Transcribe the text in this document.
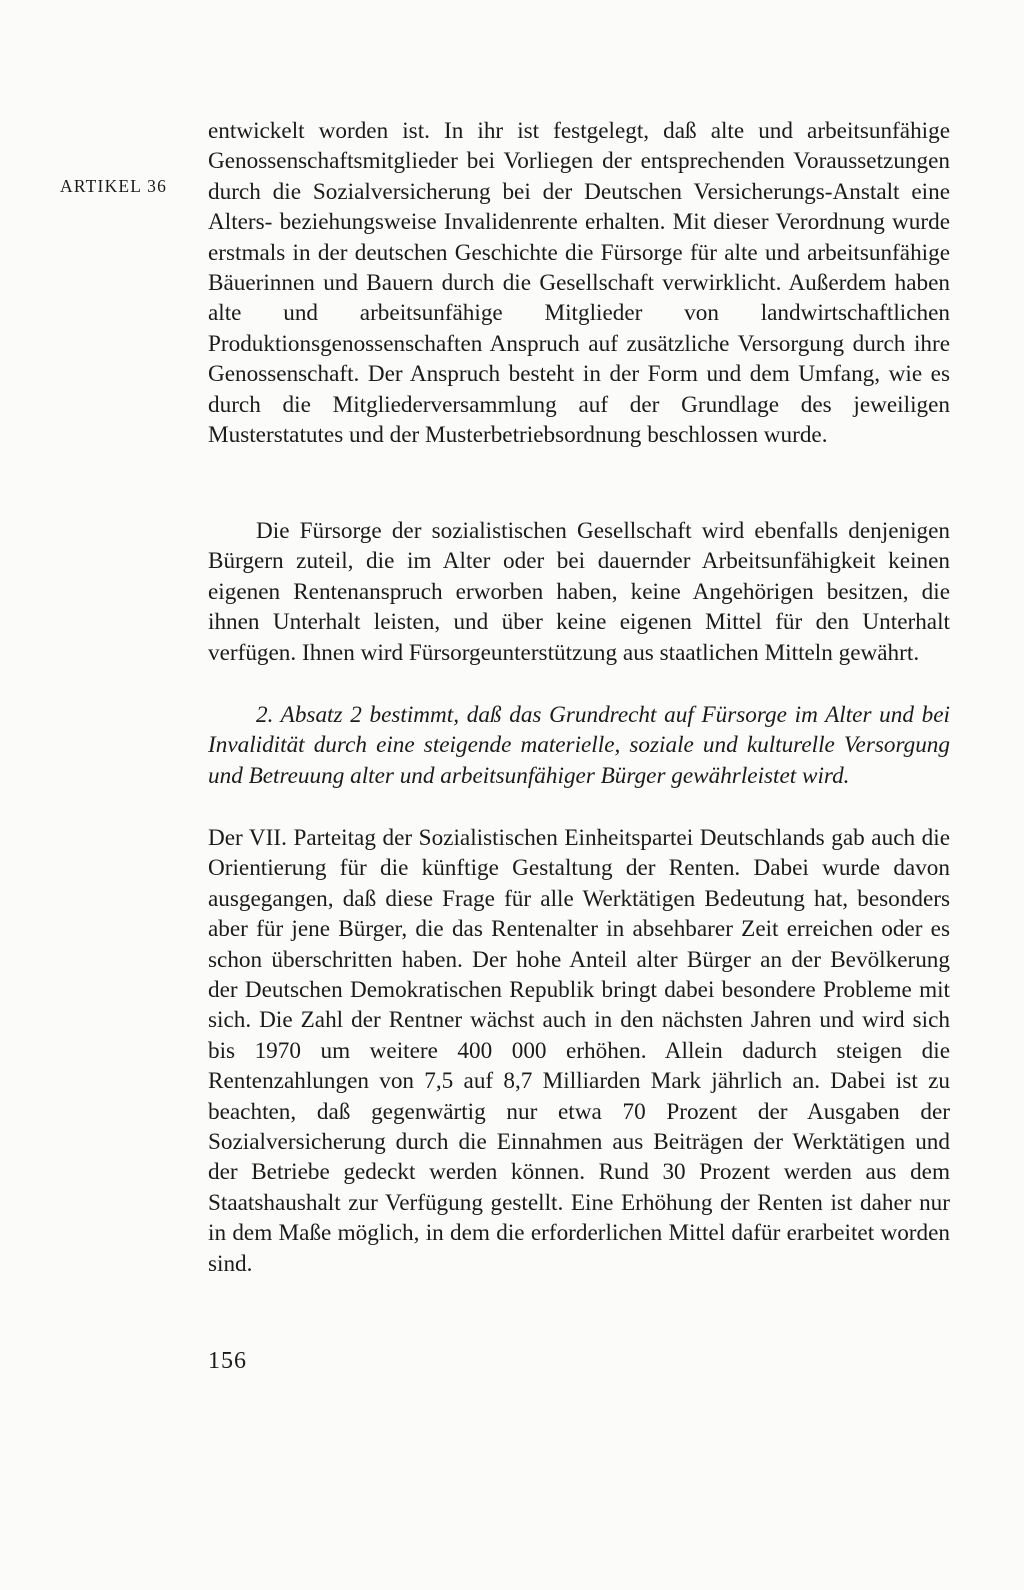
ARTIKEL 36

entwickelt worden ist. In ihr ist festgelegt, daß alte und arbeitsunfähige Genossenschaftsmitglieder bei Vorliegen der entsprechenden Voraussetzungen durch die Sozialversicherung bei der Deutschen Versicherungs-Anstalt eine Alters- beziehungsweise Invalidenrente erhalten. Mit dieser Verordnung wurde erstmals in der deutschen Geschichte die Fürsorge für alte und arbeitsunfähige Bäuerinnen und Bauern durch die Gesellschaft verwirklicht. Außerdem haben alte und arbeitsunfähige Mitglieder von landwirtschaftlichen Produktionsgenossenschaften Anspruch auf zusätzliche Versorgung durch ihre Genossenschaft. Der Anspruch besteht in der Form und dem Umfang, wie es durch die Mitgliederversammlung auf der Grundlage des jeweiligen Musterstatutes und der Musterbetriebsordnung beschlossen wurde.

Die Fürsorge der sozialistischen Gesellschaft wird ebenfalls denjenigen Bürgern zuteil, die im Alter oder bei dauernder Arbeitsunfähigkeit keinen eigenen Rentenanspruch erworben haben, keine Angehörigen besitzen, die ihnen Unterhalt leisten, und über keine eigenen Mittel für den Unterhalt verfügen. Ihnen wird Fürsorgeunterstützung aus staatlichen Mitteln gewährt.

2. Absatz 2 bestimmt, daß das Grundrecht auf Fürsorge im Alter und bei Invalidität durch eine steigende materielle, soziale und kulturelle Versorgung und Betreuung alter und arbeitsunfähiger Bürger gewährleistet wird.

Der VII. Parteitag der Sozialistischen Einheitspartei Deutschlands gab auch die Orientierung für die künftige Gestaltung der Renten. Dabei wurde davon ausgegangen, daß diese Frage für alle Werktätigen Bedeutung hat, besonders aber für jene Bürger, die das Rentenalter in absehbarer Zeit erreichen oder es schon überschritten haben. Der hohe Anteil alter Bürger an der Bevölkerung der Deutschen Demokratischen Republik bringt dabei besondere Probleme mit sich. Die Zahl der Rentner wächst auch in den nächsten Jahren und wird sich bis 1970 um weitere 400 000 erhöhen. Allein dadurch steigen die Rentenzahlungen von 7,5 auf 8,7 Milliarden Mark jährlich an. Dabei ist zu beachten, daß gegenwärtig nur etwa 70 Prozent der Ausgaben der Sozialversicherung durch die Einnahmen aus Beiträgen der Werktätigen und der Betriebe gedeckt werden können. Rund 30 Prozent werden aus dem Staatshaushalt zur Verfügung gestellt. Eine Erhöhung der Renten ist daher nur in dem Maße möglich, in dem die erforderlichen Mittel dafür erarbeitet worden sind.

156
